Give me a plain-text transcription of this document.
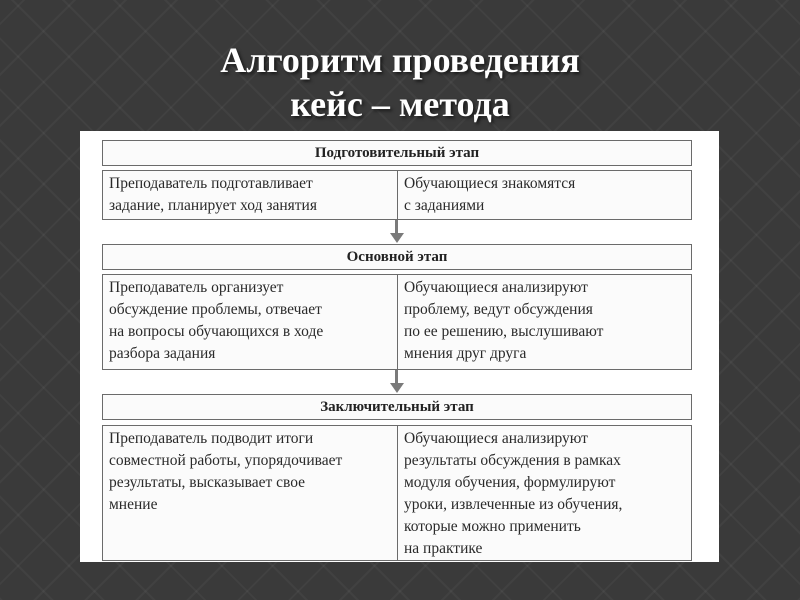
Алгоритм проведения
кейс – метода
Подготовительный этап
Преподаватель подготавливает
задание, планирует ход занятия
Обучающиеся знакомятся
с заданиями
Основной этап
Преподаватель организует
обсуждение проблемы, отвечает
на вопросы обучающихся в ходе
разбора задания
Обучающиеся анализируют
проблему, ведут обсуждения
по ее решению, выслушивают
мнения друг друга
Заключительный этап
Преподаватель подводит итоги
совместной работы, упорядочивает
результаты, высказывает свое
мнение
Обучающиеся анализируют
результаты обсуждения в рамках
модуля обучения, формулируют
уроки, извлеченные из обучения,
которые можно применить
на практике
